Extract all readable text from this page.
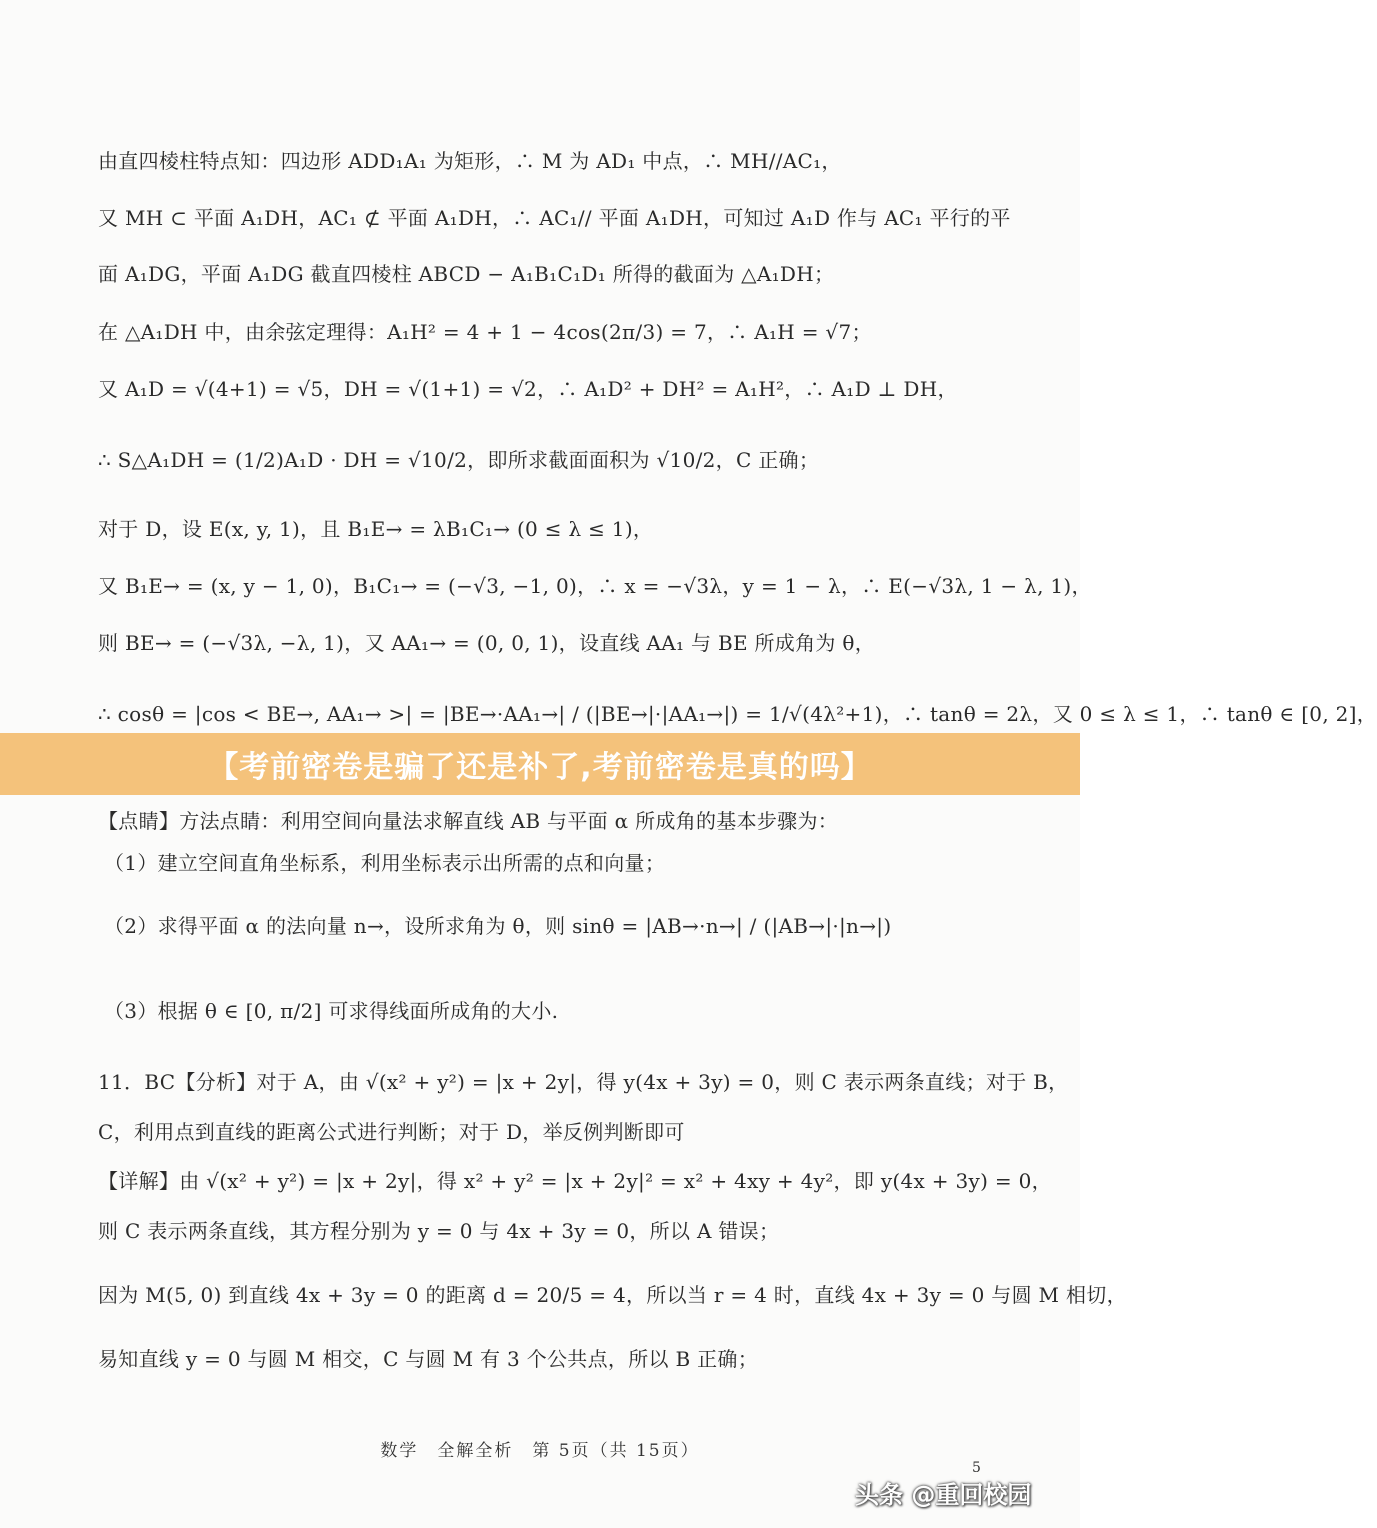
由直四棱柱特点知：四边形 ADD₁A₁ 为矩形，∴ M 为 AD₁ 中点，∴ MH//AC₁，
又 MH ⊂ 平面 A₁DH，AC₁ ⊄ 平面 A₁DH，∴ AC₁// 平面 A₁DH，可知过 A₁D 作与 AC₁ 平行的平
面 A₁DG，平面 A₁DG 截直四棱柱 ABCD − A₁B₁C₁D₁ 所得的截面为 △A₁DH；
在 △A₁DH 中，由余弦定理得：A₁H² = 4 + 1 − 4cos(2π/3) = 7，∴ A₁H = √7；
又 A₁D = √(4+1) = √5，DH = √(1+1) = √2，∴ A₁D² + DH² = A₁H²，∴ A₁D ⊥ DH，
∴ S△A₁DH = (1/2)A₁D · DH = √10/2，即所求截面面积为 √10/2，C 正确；
对于 D，设 E(x, y, 1)，且 B₁E→ = λB₁C₁→ (0 ≤ λ ≤ 1)，
又 B₁E→ = (x, y − 1, 0)，B₁C₁→ = (−√3, −1, 0)，∴ x = −√3λ，y = 1 − λ，∴ E(−√3λ, 1 − λ, 1)，
则 BE→ = (−√3λ, −λ, 1)，又 AA₁→ = (0, 0, 1)，设直线 AA₁ 与 BE 所成角为 θ，
∴ cosθ = |cos < BE→, AA₁→ >| = |BE→·AA₁→| / (|BE→|·|AA₁→|) = 1/√(4λ²+1)，∴ tanθ = 2λ，又 0 ≤ λ ≤ 1，∴ tanθ ∈ [0, 2]，
【点睛】方法点睛：利用空间向量法求解直线 AB 与平面 α 所成角的基本步骤为：
（1）建立空间直角坐标系，利用坐标表示出所需的点和向量；
（2）求得平面 α 的法向量 n→，设所求角为 θ，则 sinθ = |AB→·n→| / (|AB→|·|n→|)
（3）根据 θ ∈ [0, π/2] 可求得线面所成角的大小.
11．BC【分析】对于 A，由 √(x² + y²) = |x + 2y|，得 y(4x + 3y) = 0，则 C 表示两条直线；对于 B，
C，利用点到直线的距离公式进行判断；对于 D，举反例判断即可
【详解】由 √(x² + y²) = |x + 2y|，得 x² + y² = |x + 2y|² = x² + 4xy + 4y²，即 y(4x + 3y) = 0，
则 C 表示两条直线，其方程分别为 y = 0 与 4x + 3y = 0，所以 A 错误；
因为 M(5, 0) 到直线 4x + 3y = 0 的距离 d = 20/5 = 4，所以当 r = 4 时，直线 4x + 3y = 0 与圆 M 相切，
易知直线 y = 0 与圆 M 相交，C 与圆 M 有 3 个公共点，所以 B 正确；
数学　全解全析　第 5页（共 15页）
5
【考前密卷是骗了还是补了,考前密卷是真的吗】
头条 @重回校园
